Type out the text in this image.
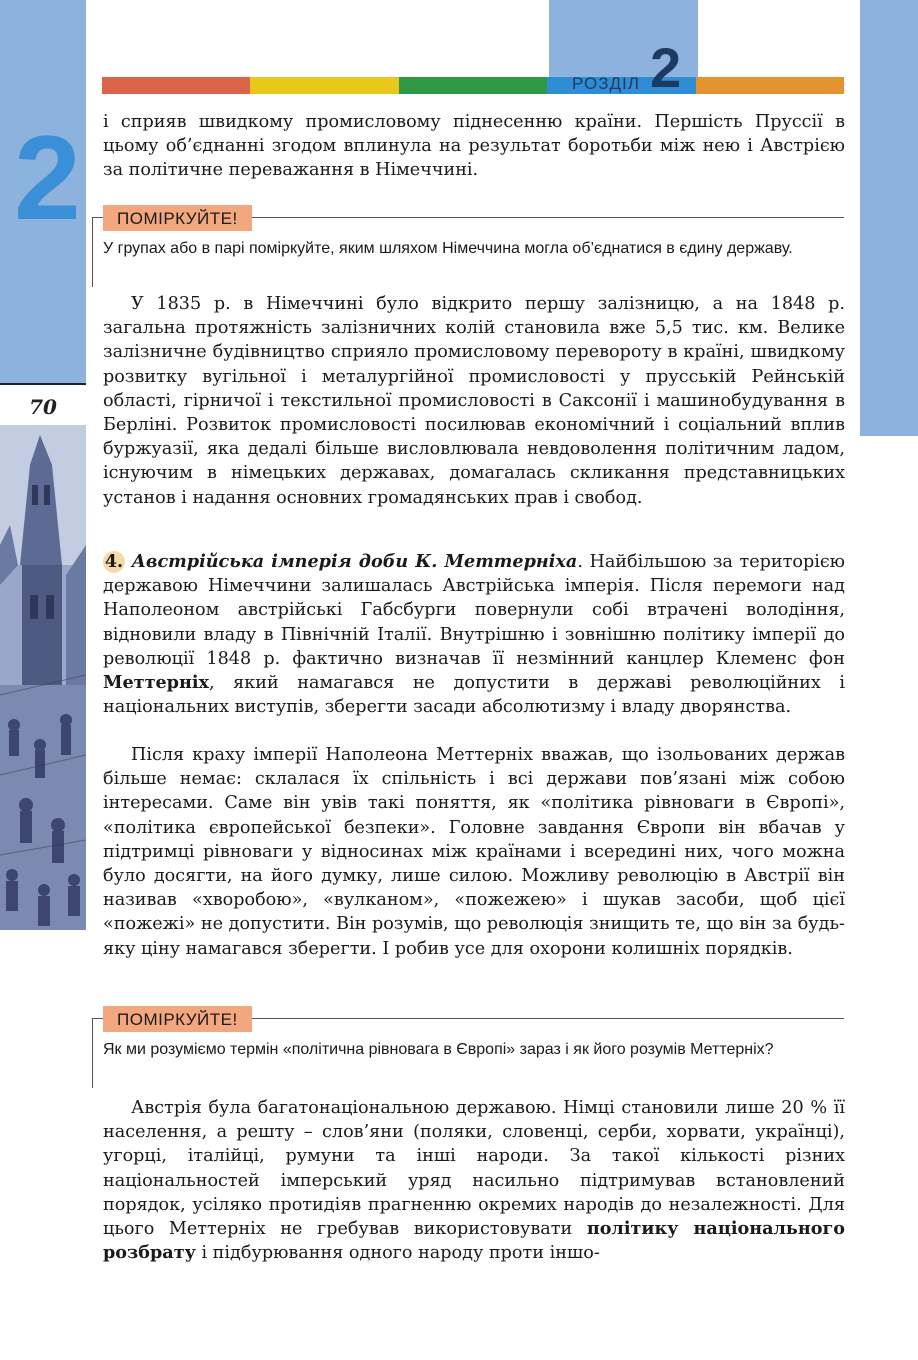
2
70
РОЗДІЛ 2

і сприяв швидкому промисловому піднесенню країни. Першість Пруссії в цьому об’єднанні згодом вплинула на результат боротьби між нею і Австрією за політичне переважання в Німеччині.

ПОМІРКУЙТЕ!

У групах або в парі поміркуйте, яким шляхом Німеччина могла об’єднатися в єдину державу.

У 1835 р. в Німеччині було відкрито першу залізницю, а на 1848 р. загальна протяжність залізничних колій становила вже 5,5 тис. км. Велике залізничне будівництво сприяло промисловому перевороту в країні, швидкому розвитку вугільної і металургійної промисловості у прусській Рейнській області, гірничої і текстильної промисловості в Саксонії і машинобудування в Берліні. Розвиток промисловості посилював економічний і соціальний вплив буржуазії, яка дедалі більше висловлювала невдоволення політичним ладом, існуючим в німецьких державах, домагалась скликання представницьких установ і надання основних громадянських прав і свобод.

4. Австрійська імперія доби К. Меттерніха. Найбільшою за територією державою Німеччини залишалась Австрійська імперія. Після перемоги над Наполеоном австрійські Габсбурги повернули собі втрачені володіння, відновили владу в Північній Італії. Внутрішню і зовнішню політику імперії до революції 1848 р. фактично визначав її незмінний канцлер Клеменс фон Меттерніх, який намагався не допустити в державі революційних і національних виступів, зберегти засади абсолютизму і владу дворянства.

Після краху імперії Наполеона Меттерніх вважав, що ізольованих держав більше немає: склалася їх спільність і всі держави пов’язані між собою інтересами. Саме він увів такі поняття, як «політика рівноваги в Європі», «політика європейської безпеки». Головне завдання Європи він вбачав у підтримці рівноваги у відносинах між країнами і всередині них, чого можна було досягти, на його думку, лише силою. Можливу революцію в Австрії він називав «хворобою», «вулканом», «пожежею» і шукав засоби, щоб цієї «пожежі» не допустити. Він розумів, що революція знищить те, що він за будь-яку ціну намагався зберегти. І робив усе для охорони колишніх порядків.

ПОМІРКУЙТЕ!

Як ми розуміємо термін «політична рівновага в Європі» зараз і як його розумів Меттерніх?

Австрія була багатонаціональною державою. Німці становили лише 20 % її населення, а решту – слов’яни (поляки, словенці, серби, хорвати, українці), угорці, італійці, румуни та інші народи. За такої кількості різних національностей імперський уряд насильно підтримував встановлений порядок, усіляко протидіяв прагненню окремих народів до незалежності. Для цього Меттерніх не гребував використовувати політику національного розбрату і підбурювання одного народу проти іншо-
